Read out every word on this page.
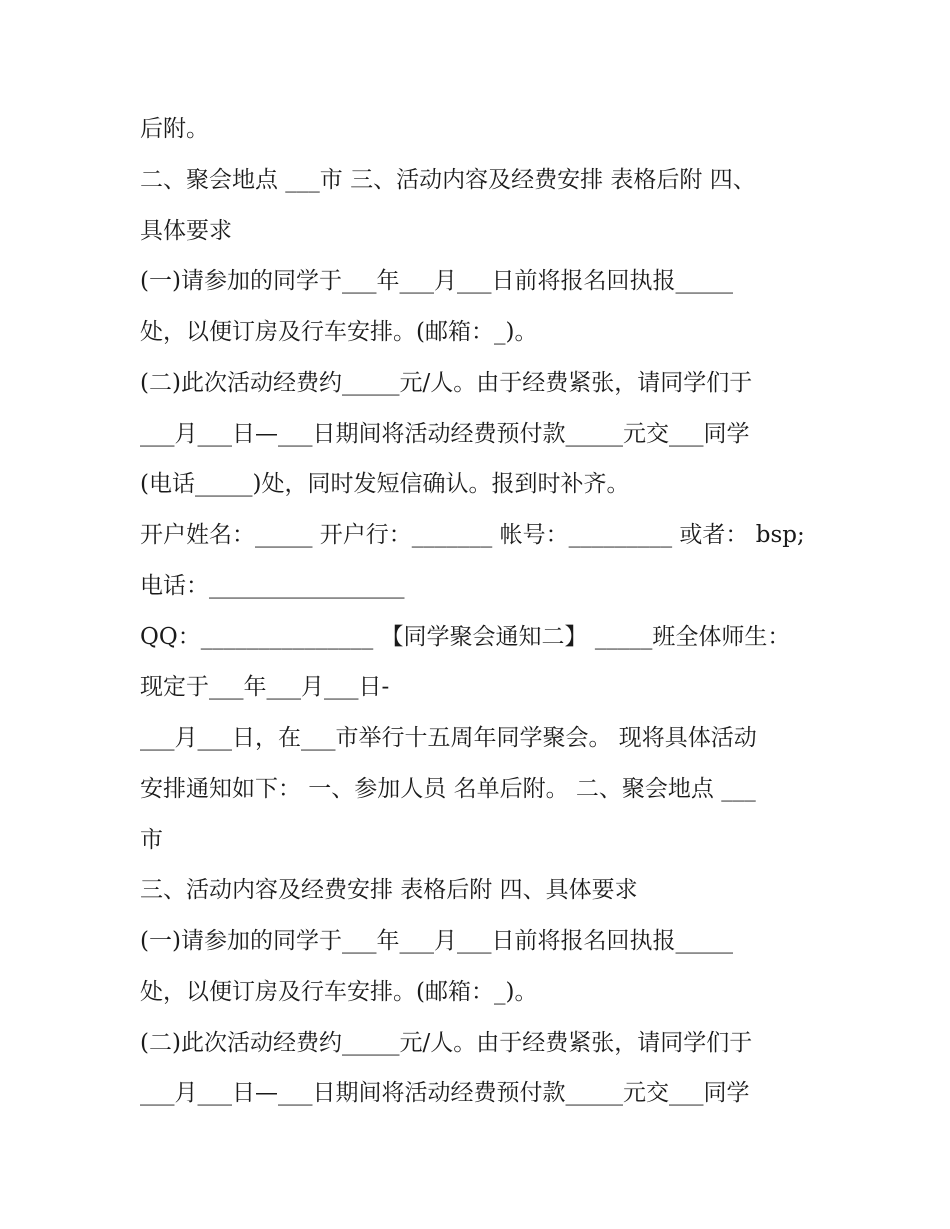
后附。
二、聚会地点 ___市 三、活动内容及经费安排 表格后附 四、
具体要求
(一)请参加的同学于___年___月___日前将报名回执报_____
处，以便订房及行车安排。(邮箱：_)。
(二)此次活动经费约_____元/人。由于经费紧张，请同学们于
___月___日—___日期间将活动经费预付款_____元交___同学
(电话_____)处，同时发短信确认。报到时补齐。
开户姓名：_____ 开户行：_______ 帐号：_________ 或者： bsp;
电话：_________________
QQ：_______________ 【同学聚会通知二】 _____班全体师生：
现定于___年___月___日-
___月___日，在___市举行十五周年同学聚会。 现将具体活动
安排通知如下： 一、参加人员 名单后附。 二、聚会地点 ___
市
三、活动内容及经费安排 表格后附 四、具体要求
(一)请参加的同学于___年___月___日前将报名回执报_____
处，以便订房及行车安排。(邮箱：_)。
(二)此次活动经费约_____元/人。由于经费紧张，请同学们于
___月___日—___日期间将活动经费预付款_____元交___同学
